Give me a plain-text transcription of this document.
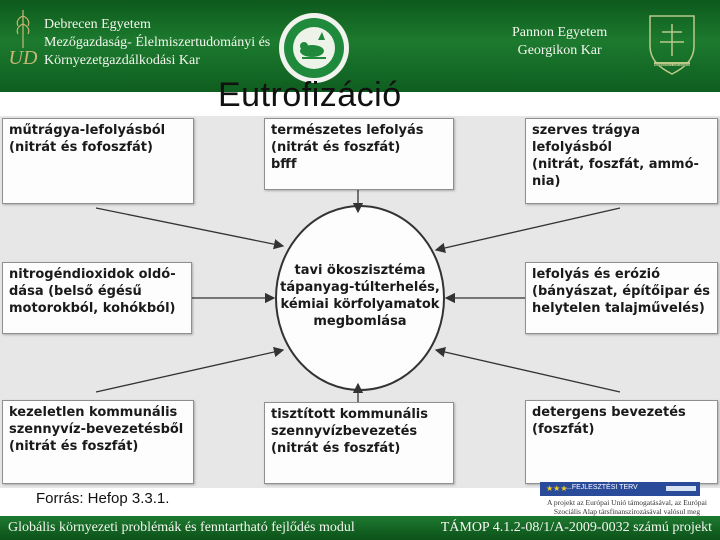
UD
Debrecen Egyetem
Mezőgazdaság- Élelmiszertudományi és
Környezetgazdálkodási Kar
Pannon Egyetem
Georgikon Kar
UNIVERSITAS GEORGIKON
Eutrofizáció
műtrágya-lefolyásból
(nitrát és fofoszfát)
természetes lefolyás
(nitrát és foszfát)
bfff
szerves trágya
lefolyásból
(nitrát, foszfát, ammó-
nia)
nitrogéndioxidok oldó-
dása (belső égésű
motorokból, kohókból)
lefolyás és erózió
(bányászat, építőipar és
helytelen talajművelés)
kezeletlen kommunális
szennyvíz-bevezetésből
(nitrát és foszfát)
tisztított kommunális
szennyvízbevezetés
(nitrát és foszfát)
detergens bevezetés
(foszfát)
tavi ökoszisztéma
tápanyag-túlterhelés,
kémiai körfolyamatok
megbomlása
Forrás: Hefop 3.3.1.
★★★
...FEJLESZTÉSI TERV
A projekt az Európai Unió támogatásával, az Európai Szociális Alap társfinanszírozásával valósul meg
Globális környezeti problémák és fenntartható fejlődés modul	TÁMOP 4.1.2-08/1/A-2009-0032 számú projekt
